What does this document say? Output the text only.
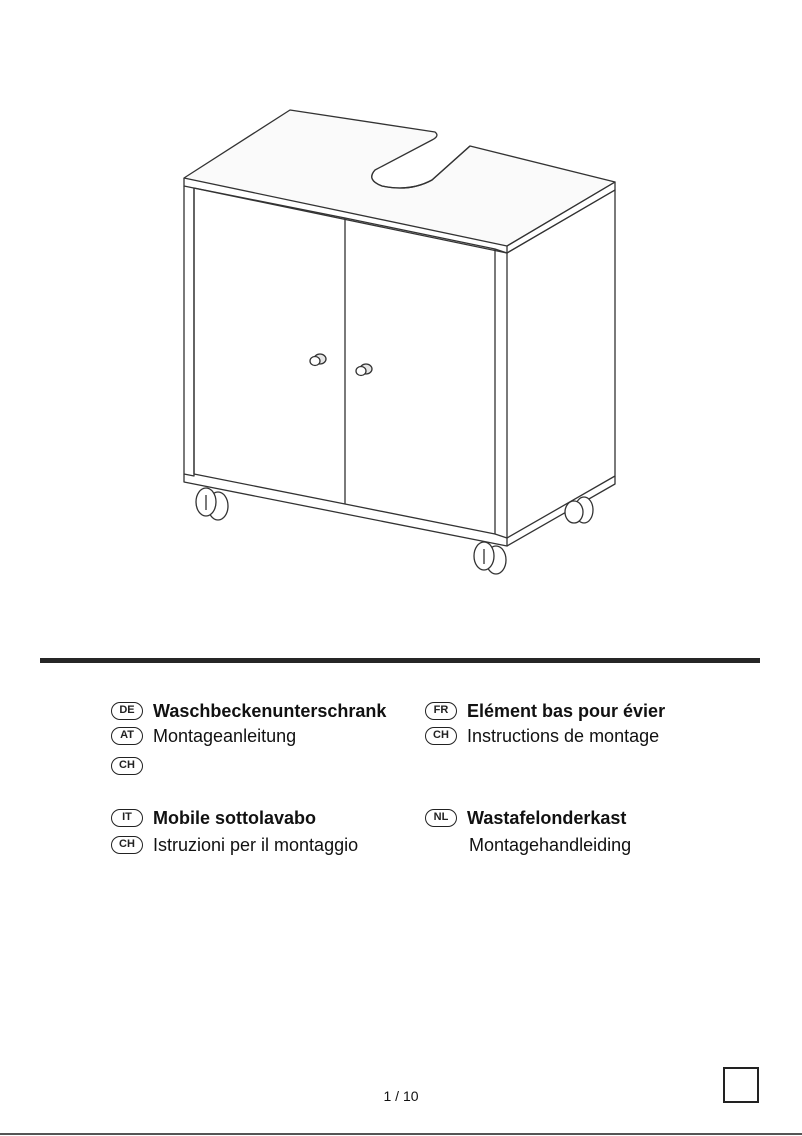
DE	Waschbeckenunterschrank
AT	Montageanleitung
CH
FR	Elément bas pour évier
CH	Instructions de montage
IT	Mobile sottolavabo
CH	Istruzioni per il montaggio
NL	Wastafelonderkast
Montagehandleiding
1 / 10
